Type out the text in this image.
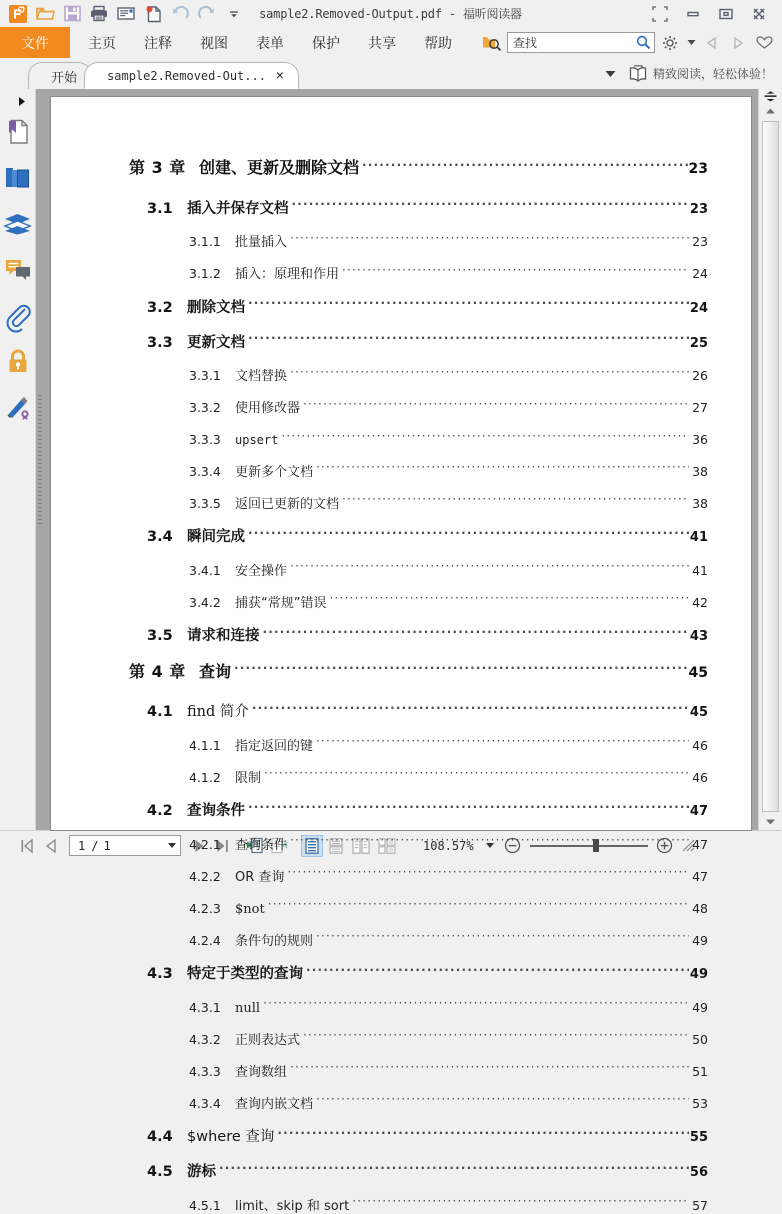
sample2.Removed-Output.pdf - 福昕阅读器
文件	主页	注释	视图	表单	保护	共享	帮助	查找
开始	sample2.Removed-Out... ✕	精致阅读，轻松体验！
第 3 章 创建、更新及删除文档 ·····	23
3.1 插入并保存文档 ·····	23
3.1.1	批量插入 ·····	23
3.1.2	插入：原理和作用 ·····	24
3.2 删除文档 ·····	24
3.3 更新文档 ·····	25
3.3.1	文档替换 ·····	26
3.3.2	使用修改器 ·····	27
3.3.3	upsert ·····	36
3.3.4	更新多个文档 ·····	38
3.3.5	返回已更新的文档 ·····	38
3.4 瞬间完成 ·····	41
3.4.1	安全操作 ·····	41
3.4.2	捕获“常规”错误 ·····	42
3.5 请求和连接 ·····	43
第 4 章 查询 ·····	45
4.1 find 简介 ·····	45
4.1.1	指定返回的键 ·····	46
4.1.2	限制 ·····	46
4.2 查询条件 ·····	47
4.2.1	查询条件 ·····	47
4.2.2	OR 查询 ·····	47
4.2.3	$not ·····	48
4.2.4	条件句的规则 ·····	49
4.3 特定于类型的查询 ·····	49
4.3.1	null ·····	49
4.3.2	正则表达式 ·····	50
4.3.3	查询数组 ·····	51
4.3.4	查询内嵌文档 ·····	53
4.4 $where 查询 ·····	55
4.5 游标 ·····	56
4.5.1	limit、skip 和 sort ·····	57
1 / 1	108.57%
